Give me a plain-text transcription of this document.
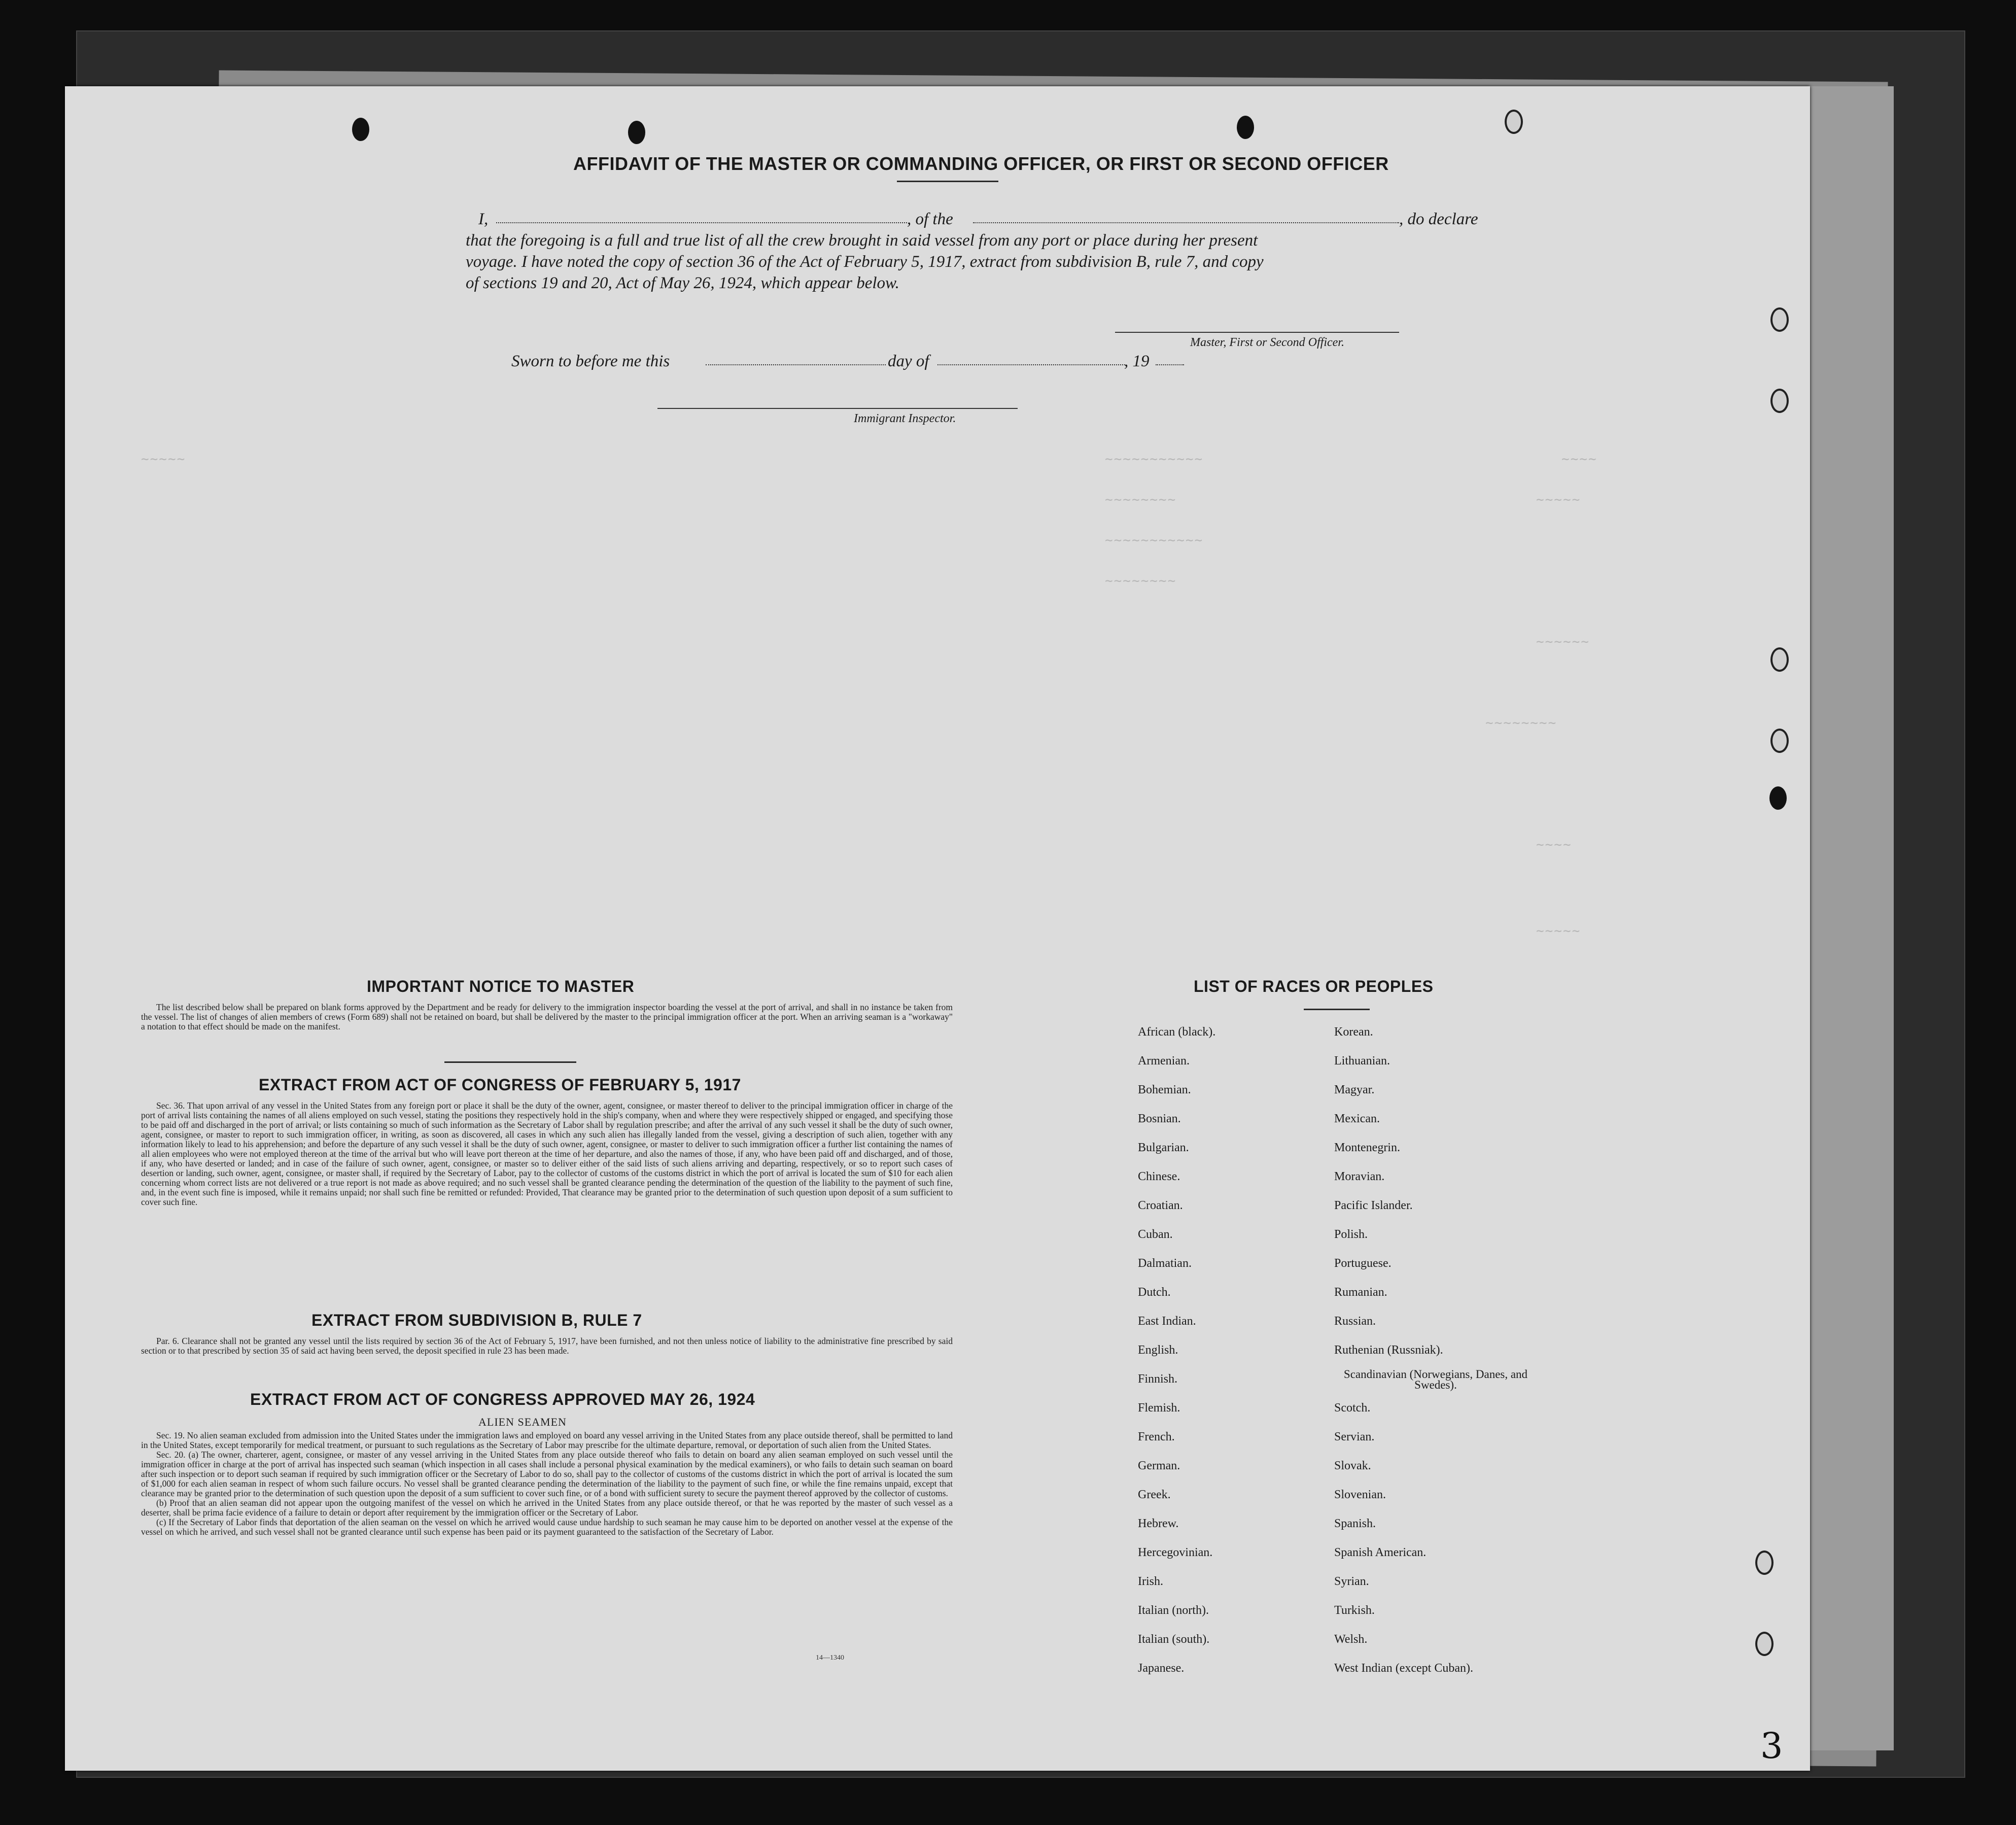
~~~~~	~~~~~~~~~~~	~~~~
~~~~~~~~	~~~~~
~~~~~~~~~~~
~~~~~~~~
~~~~~~
~~~~~~~~
~~~~
~~~~~
AFFIDAVIT OF THE MASTER OR COMMANDING OFFICER, OR FIRST OR SECOND OFFICER
I,	, of the	, do declare
that the foregoing is a full and true list of all the crew brought in said vessel from any port or place during her present
voyage. I have noted the copy of section 36 of the Act of February 5, 1917, extract from subdivision B, rule 7, and copy
of sections 19 and 20, Act of May 26, 1924, which appear below.
Master, First or Second Officer.
Sworn to before me this	day of	, 19
Immigrant Inspector.
IMPORTANT NOTICE TO MASTER

The list described below shall be prepared on blank forms approved by the Department and be ready for delivery to the immigration inspector boarding the vessel at the port of arrival, and shall in no instance be taken from the vessel. The list of changes of alien members of crews (Form 689) shall not be retained on board, but shall be delivered by the master to the principal immigration officer at the port. When an arriving seaman is a "workaway" a notation to that effect should be made on the manifest.

EXTRACT FROM ACT OF CONGRESS OF FEBRUARY 5, 1917

Sec. 36. That upon arrival of any vessel in the United States from any foreign port or place it shall be the duty of the owner, agent, consignee, or master thereof to deliver to the principal immigration officer in charge of the port of arrival lists containing the names of all aliens employed on such vessel, stating the positions they respectively hold in the ship's company, when and where they were respectively shipped or engaged, and specifying those to be paid off and discharged in the port of arrival; or lists containing so much of such information as the Secretary of Labor shall by regulation prescribe; and after the arrival of any such vessel it shall be the duty of such owner, agent, consignee, or master to report to such immigration officer, in writing, as soon as discovered, all cases in which any such alien has illegally landed from the vessel, giving a description of such alien, together with any information likely to lead to his apprehension; and before the departure of any such vessel it shall be the duty of such owner, agent, consignee, or master to deliver to such immigration officer a further list containing the names of all alien employees who were not employed thereon at the time of the arrival but who will leave port thereon at the time of her departure, and also the names of those, if any, who have been paid off and discharged, and of those, if any, who have deserted or landed; and in case of the failure of such owner, agent, consignee, or master so to deliver either of the said lists of such aliens arriving and departing, respectively, or so to report such cases of desertion or landing, such owner, agent, consignee, or master shall, if required by the Secretary of Labor, pay to the collector of customs of the customs district in which the port of arrival is located the sum of $10 for each alien concerning whom correct lists are not delivered or a true report is not made as above required; and no such vessel shall be granted clearance pending the determination of the question of the liability to the payment of such fine, and, in the event such fine is imposed, while it remains unpaid; nor shall such fine be remitted or refunded: Provided, That clearance may be granted prior to the determination of such question upon deposit of a sum sufficient to cover such fine.

EXTRACT FROM SUBDIVISION B, RULE 7

Par. 6. Clearance shall not be granted any vessel until the lists required by section 36 of the Act of February 5, 1917, have been furnished, and not then unless notice of liability to the administrative fine prescribed by said section or to that prescribed by section 35 of said act having been served, the deposit specified in rule 23 has been made.

EXTRACT FROM ACT OF CONGRESS APPROVED MAY 26, 1924
ALIEN SEAMEN

Sec. 19. No alien seaman excluded from admission into the United States under the immigration laws and employed on board any vessel arriving in the United States from any place outside thereof, shall be permitted to land in the United States, except temporarily for medical treatment, or pursuant to such regulations as the Secretary of Labor may prescribe for the ultimate departure, removal, or deportation of such alien from the United States.

Sec. 20. (a) The owner, charterer, agent, consignee, or master of any vessel arriving in the United States from any place outside thereof who fails to detain on board any alien seaman employed on such vessel until the immigration officer in charge at the port of arrival has inspected such seaman (which inspection in all cases shall include a personal physical examination by the medical examiners), or who fails to detain such seaman on board after such inspection or to deport such seaman if required by such immigration officer or the Secretary of Labor to do so, shall pay to the collector of customs of the customs district in which the port of arrival is located the sum of $1,000 for each alien seaman in respect of whom such failure occurs. No vessel shall be granted clearance pending the determination of the liability to the payment of such fine, or while the fine remains unpaid, except that clearance may be granted prior to the determination of such question upon the deposit of a sum sufficient to cover such fine, or of a bond with sufficient surety to secure the payment thereof approved by the collector of customs.

(b) Proof that an alien seaman did not appear upon the outgoing manifest of the vessel on which he arrived in the United States from any place outside thereof, or that he was reported by the master of such vessel as a deserter, shall be prima facie evidence of a failure to detain or deport after requirement by the immigration officer or the Secretary of Labor.

(c) If the Secretary of Labor finds that deportation of the alien seaman on the vessel on which he arrived would cause undue hardship to such seaman he may cause him to be deported on another vessel at the expense of the vessel on which he arrived, and such vessel shall not be granted clearance until such expense has been paid or its payment guaranteed to the satisfaction of the Secretary of Labor.

14—1340
LIST OF RACES OR PEOPLES
African (black).
Armenian.
Bohemian.
Bosnian.
Bulgarian.
Chinese.
Croatian.
Cuban.
Dalmatian.
Dutch.
East Indian.
English.
Finnish.
Flemish.
French.
German.
Greek.
Hebrew.
Hercegovinian.
Irish.
Italian (north).
Italian (south).
Japanese.
Korean.
Lithuanian.
Magyar.
Mexican.
Montenegrin.
Moravian.
Pacific Islander.
Polish.
Portuguese.
Rumanian.
Russian.
Ruthenian (Russniak).
Scandinavian (Norwegians, Danes, and Swedes).
Scotch.
Servian.
Slovak.
Slovenian.
Spanish.
Spanish American.
Syrian.
Turkish.
Welsh.
West Indian (except Cuban).
3
